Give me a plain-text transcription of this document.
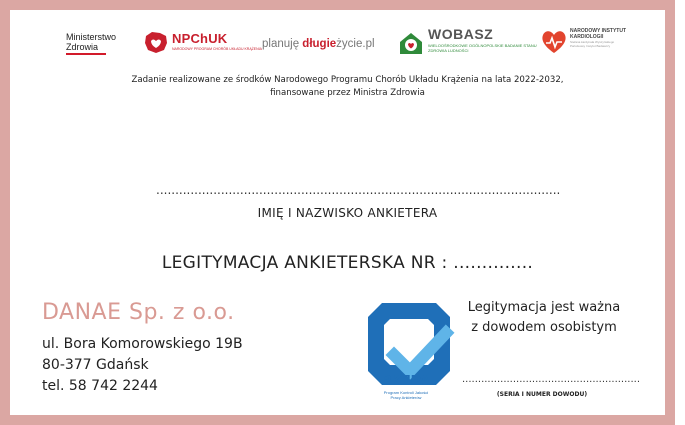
Ministerstwo
Zdrowia
NPChUK
NARODOWY PROGRAM CHORÓB UKŁADU KRĄŻENIA planuję długieżycie.pl
WOBASZ
WIELOOŚRODKOWE OGÓLNOPOLSKIE BADANIE STANU ZDROWIA LUDNOŚCI
NARODOWY INSTYTUT KARDIOLOGII
Stefana kardynała Wyszyńskiego Państwowy Instytut Badawczy
Zadanie realizowane ze środków Narodowego Programu Chorób Układu Krążenia na lata 2022-2032,
finansowane przez Ministra Zdrowia
..........................................................................................................
IMIĘ I NAZWISKO ANKIETERA
LEGITYMACJA ANKIETERSKA NR : ..............
DANAE Sp. z o.o.
ul. Bora Komorowskiego 19B
80-377 Gdańsk
tel. 58 742 2244	PKJPA
Program Kontroli Jakości
Pracy Ankieterów
Legitymacja jest ważna
z dowodem osobistym
........................................................
(SERIA I NUMER DOWODU)
